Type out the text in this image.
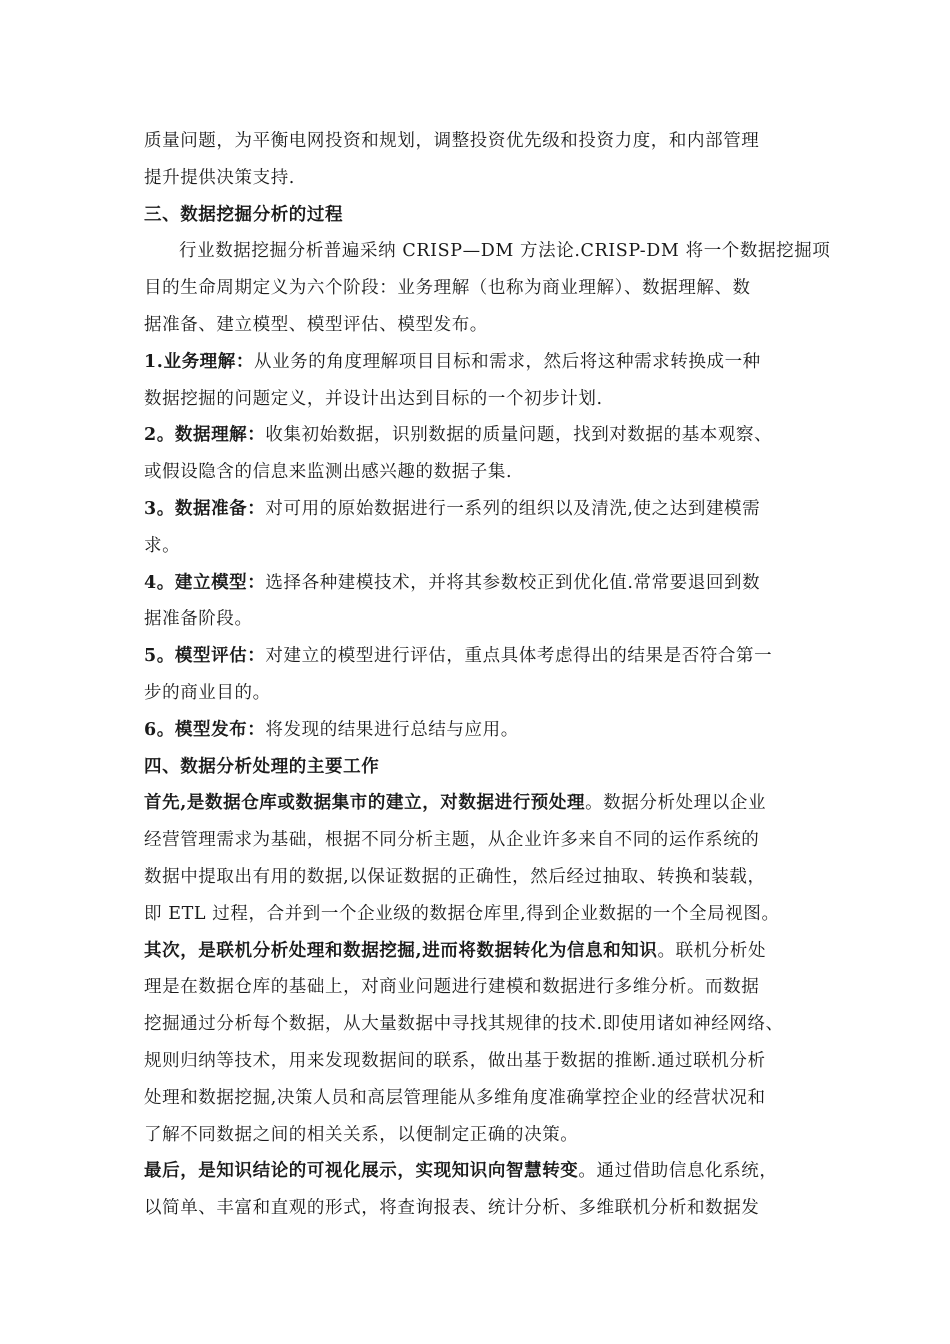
质量问题，为平衡电网投资和规划，调整投资优先级和投资力度，和内部管理
提升提供决策支持.
三、数据挖掘分析的过程
行业数据挖掘分析普遍采纳 CRISP—DM 方法论.CRISP-DM 将一个数据挖掘项
目的生命周期定义为六个阶段：业务理解（也称为商业理解）、数据理解、数
据准备、建立模型、模型评估、模型发布。
1.业务理解：从业务的角度理解项目目标和需求，然后将这种需求转换成一种
数据挖掘的问题定义，并设计出达到目标的一个初步计划.
2。数据理解：收集初始数据，识别数据的质量问题，找到对数据的基本观察、
或假设隐含的信息来监测出感兴趣的数据子集.
3。数据准备：对可用的原始数据进行一系列的组织以及清洗,使之达到建模需
求。
4。建立模型：选择各种建模技术，并将其参数校正到优化值.常常要退回到数
据准备阶段。
5。模型评估：对建立的模型进行评估，重点具体考虑得出的结果是否符合第一
步的商业目的。
6。模型发布：将发现的结果进行总结与应用。
四、数据分析处理的主要工作
首先,是数据仓库或数据集市的建立，对数据进行预处理。数据分析处理以企业
经营管理需求为基础，根据不同分析主题，从企业许多来自不同的运作系统的
数据中提取出有用的数据,以保证数据的正确性，然后经过抽取、转换和装载，
即 ETL 过程，合并到一个企业级的数据仓库里,得到企业数据的一个全局视图。
其次，是联机分析处理和数据挖掘,进而将数据转化为信息和知识。联机分析处
理是在数据仓库的基础上，对商业问题进行建模和数据进行多维分析。而数据
挖掘通过分析每个数据，从大量数据中寻找其规律的技术.即使用诸如神经网络、
规则归纳等技术，用来发现数据间的联系，做出基于数据的推断.通过联机分析
处理和数据挖掘,决策人员和高层管理能从多维角度准确掌控企业的经营状况和
了解不同数据之间的相关关系，以便制定正确的决策。
最后，是知识结论的可视化展示，实现知识向智慧转变。通过借助信息化系统，
以简单、丰富和直观的形式，将查询报表、统计分析、多维联机分析和数据发
